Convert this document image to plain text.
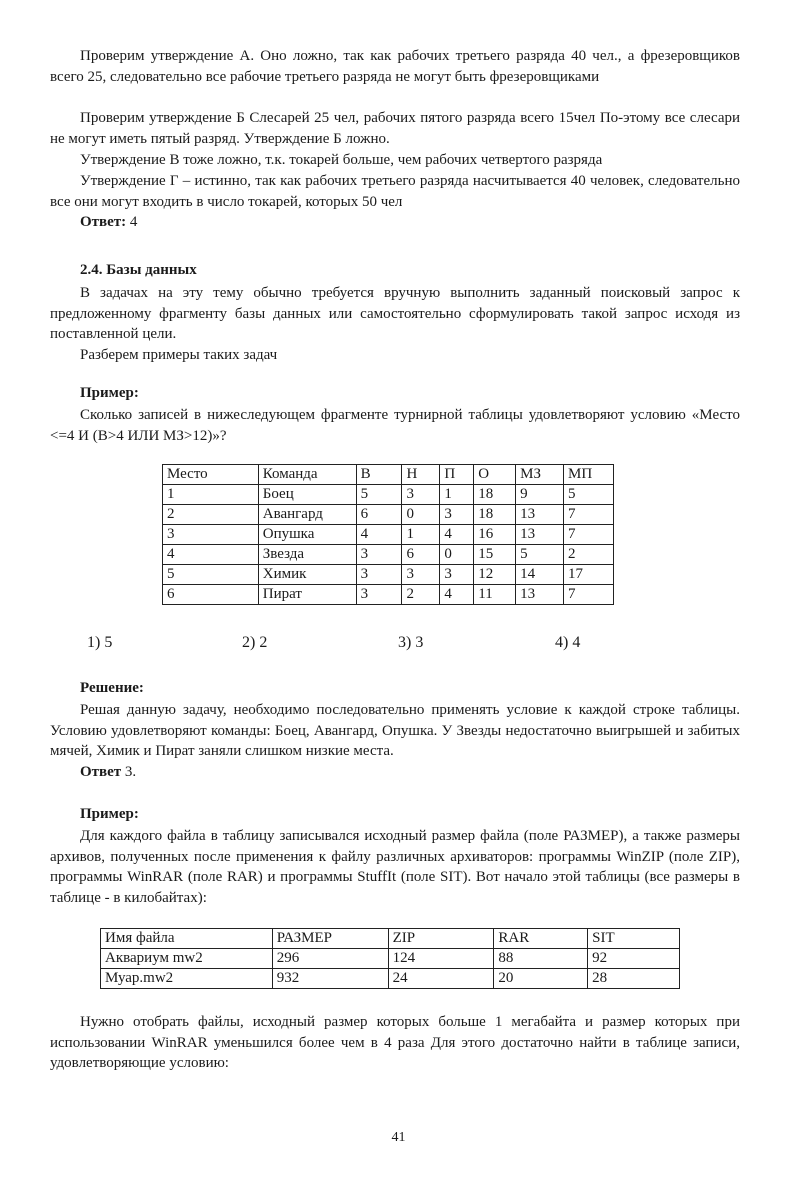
Проверим утверждение А. Оно ложно, так как рабочих третьего разряда 40 чел., а фрезеровщиков всего 25, следовательно все рабочие третьего разряда не могут быть фрезеровщиками

Проверим утверждение Б Слесарей 25 чел, рабочих пятого разряда всего 15чел По-этому все слесари не могут иметь пятый разряд. Утверждение Б ложно.

Утверждение В тоже ложно, т.к. токарей больше, чем рабочих четвертого разряда

Утверждение Г – истинно, так как рабочих третьего разряда насчитывается 40 человек, следовательно все они могут входить в число токарей, которых 50 чел

Ответ: 4

2.4. Базы данных

В задачах на эту тему обычно требуется вручную выполнить заданный поисковый запрос к предложенному фрагменту базы данных или самостоятельно сформулировать такой запрос исходя из поставленной цели.

Разберем примеры таких задач

Пример:

Сколько записей в нижеследующем фрагменте турнирной таблицы удовлетворяют условию «Место <=4 И (В>4 ИЛИ МЗ>12)»?

Место	Команда	В	Н	П	О	МЗ	МП
1	Боец	5	3	1	18	9	5
2	Авангард	6	0	3	18	13	7
3	Опушка	4	1	4	16	13	7
4	Звезда	3	6	0	15	5	2
5	Химик	3	3	3	12	14	17
6	Пират	3	2	4	11	13	7
1) 5	2) 2	3) 3	4) 4

Решение:

Решая данную задачу, необходимо последовательно применять условие к каждой строке таблицы. Условию удовлетворяют команды: Боец, Авангард, Опушка. У Звезды недостаточно выигрышей и забитых мячей, Химик и Пират заняли слишком низкие места.

Ответ 3.

Пример:

Для каждого файла в таблицу записывался исходный размер файла (поле РАЗМЕР), а также размеры архивов, полученных после применения к файлу различных архиваторов: программы WinZIP (поле ZIP), программы WinRAR (поле RAR) и программы StuffIt (поле SIT). Вот начало этой таблицы (все размеры в таблице - в килобайтах):

Имя файла	РАЗМЕР	ZIP	RAR	SIT
Аквариум mw2	296	124	88	92
Муар.mw2	932	24	20	28

Нужно отобрать файлы, исходный размер которых больше 1 мегабайта и размер которых при использовании WinRAR уменьшился более чем в 4 раза Для этого достаточно найти в таблице записи, удовлетворяющие условию:

41
